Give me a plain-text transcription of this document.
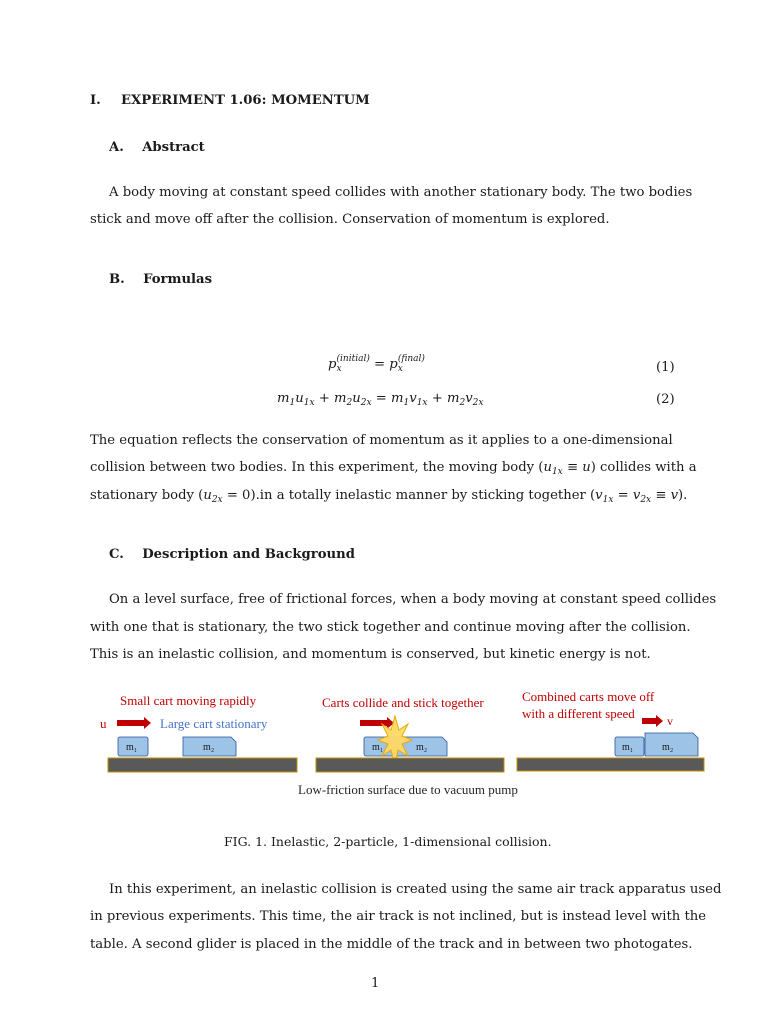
I. EXPERIMENT 1.06: MOMENTUM
A.    Abstract
A body moving at constant speed collides with another stationary body. The two bodies
stick and move off after the collision. Conservation of momentum is explored.
B.    Formulas
$p_x^{(initial)} = p_x^{(final)}$
(1)
$m_1u_{1x} + m_2u_{2x} = m_1v_{1x} + m_2v_{2x}$	(2)
The equation reflects the conservation of momentum as it applies to a one-dimensional
collision between two bodies. In this experiment, the moving body $(u_{1x} \equiv u)$ collides with a
stationary body $(u_{2x} = 0).in$ a totally inelastic manner by sticking together $(v_{1x} = v_{2x} \equiv v)$.
C.    Description and Background
On a level surface, free of frictional forces, when a body moving at constant speed collides
with one that is stationary, the two stick together and continue moving after the collision.
This is an inelastic collision, and momentum is conserved, but kinetic energy is not.
Small cart moving rapidly
u	Large cart stationary
m₁	m₂
Carts collide and stick together
m₁	m₂
Combined carts move off
with a different speed	v
m₁	m₂
Low-friction surface due to vacuum pump
FIG. 1. Inelastic, 2-particle, 1-dimensional collision.
In this experiment, an inelastic collision is created using the same air track apparatus used
in previous experiments. This time, the air track is not inclined, but is instead level with the
table. A second glider is placed in the middle of the track and in between two photogates.
1
